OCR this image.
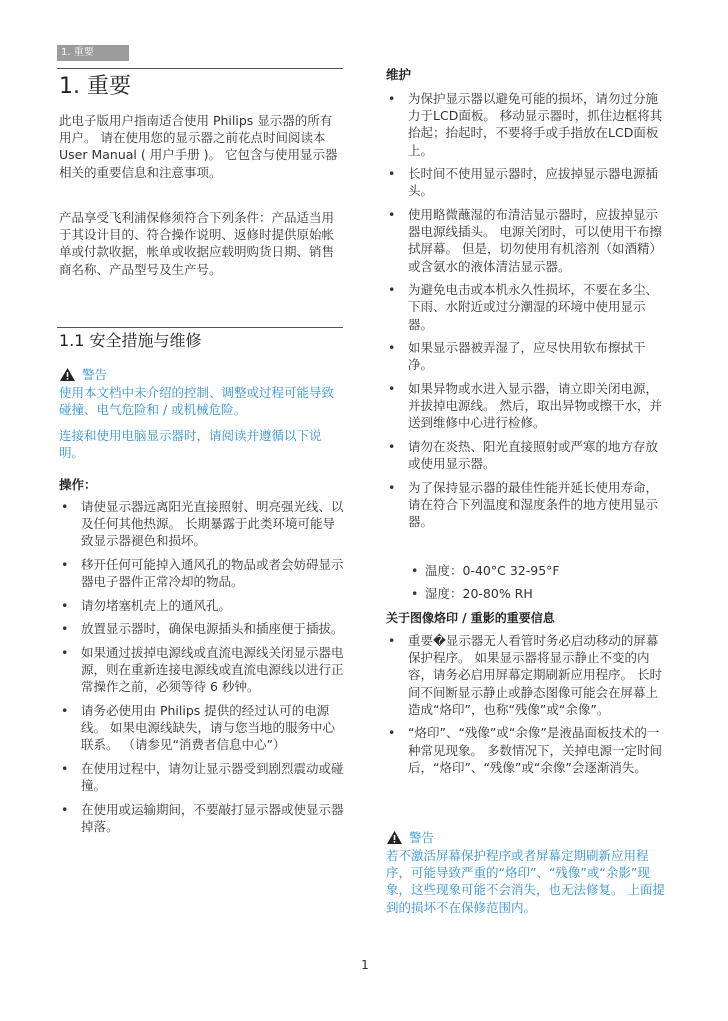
1. 重要
1. 重要
此电子版用户指南适合使用 Philips 显示器的所有用户。 请在使用您的显示器之前花点时间阅读本 User Manual ( 用户手册 )。 它包含与使用显示器相关的重要信息和注意事项。
产品享受飞利浦保修须符合下列条件：产品适当用于其设计目的、符合操作说明、返修时提供原始帐单或付款收据，帐单或收据应载明购货日期、销售商名称、产品型号及生产号。
1.1 安全措施与维修
警告
使用本文档中未介绍的控制、调整或过程可能导致碰撞、电气危险和 / 或机械危险。
连接和使用电脑显示器时，请阅读并遵循以下说明。
操作：
• 请使显示器远离阳光直接照射、明亮强光线、以及任何其他热源。 长期暴露于此类环境可能导致显示器褪色和损坏。
• 移开任何可能掉入通风孔的物品或者会妨碍显示器电子器件正常冷却的物品。
• 请勿堵塞机壳上的通风孔。
• 放置显示器时，确保电源插头和插座便于插拔。
• 如果通过拔掉电源线或直流电源线关闭显示器电源，则在重新连接电源线或直流电源线以进行正常操作之前，必须等待 6 秒钟。
• 请务必使用由 Philips 提供的经过认可的电源线。 如果电源线缺失，请与您当地的服务中心联系。 （请参见“消费者信息中心”）
• 在使用过程中，请勿让显示器受到剧烈震动或碰撞。
• 在使用或运输期间，不要敲打显示器或使显示器掉落。
维护
• 为保护显示器以避免可能的损坏，请勿过分施力于LCD面板。 移动显示器时，抓住边框将其抬起；抬起时，不要将手或手指放在LCD面板上。
• 长时间不使用显示器时，应拔掉显示器电源插头。
• 使用略微蘸湿的布清洁显示器时，应拔掉显示器电源线插头。 电源关闭时，可以使用干布擦拭屏幕。 但是，切勿使用有机溶剂（如酒精）或含氨水的液体清洁显示器。
• 为避免电击或本机永久性损坏，不要在多尘、下雨、水附近或过分潮湿的环境中使用显示器。
• 如果显示器被弄湿了，应尽快用软布擦拭干净。
• 如果异物或水进入显示器，请立即关闭电源，并拔掉电源线。 然后，取出异物或擦干水，并送到维修中心进行检修。
• 请勿在炎热、阳光直接照射或严寒的地方存放或使用显示器。
• 为了保持显示器的最佳性能并延长使用寿命，请在符合下列温度和湿度条件的地方使用显示器。
• 温度：0-40°C 32-95°F
• 湿度：20-80% RH
关于图像烙印 / 重影的重要信息
• 重要�显示器无人看管时务必启动移动的屏幕保护程序。 如果显示器将显示静止不变的内容，请务必启用屏幕定期刷新应用程序。 长时间不间断显示静止或静态图像可能会在屏幕上造成“烙印”，也称“残像”或“余像”。
• “烙印”、“残像”或“余像”是液晶面板技术的一种常见现象。 多数情况下，关掉电源一定时间后，“烙印”、“残像”或“余像”会逐渐消失。
警告
若不激活屏幕保护程序或者屏幕定期刷新应用程序，可能导致严重的“烙印”、“残像”或“余影”现象，这些现象可能不会消失，也无法修复。 上面提到的损坏不在保修范围内。
1
